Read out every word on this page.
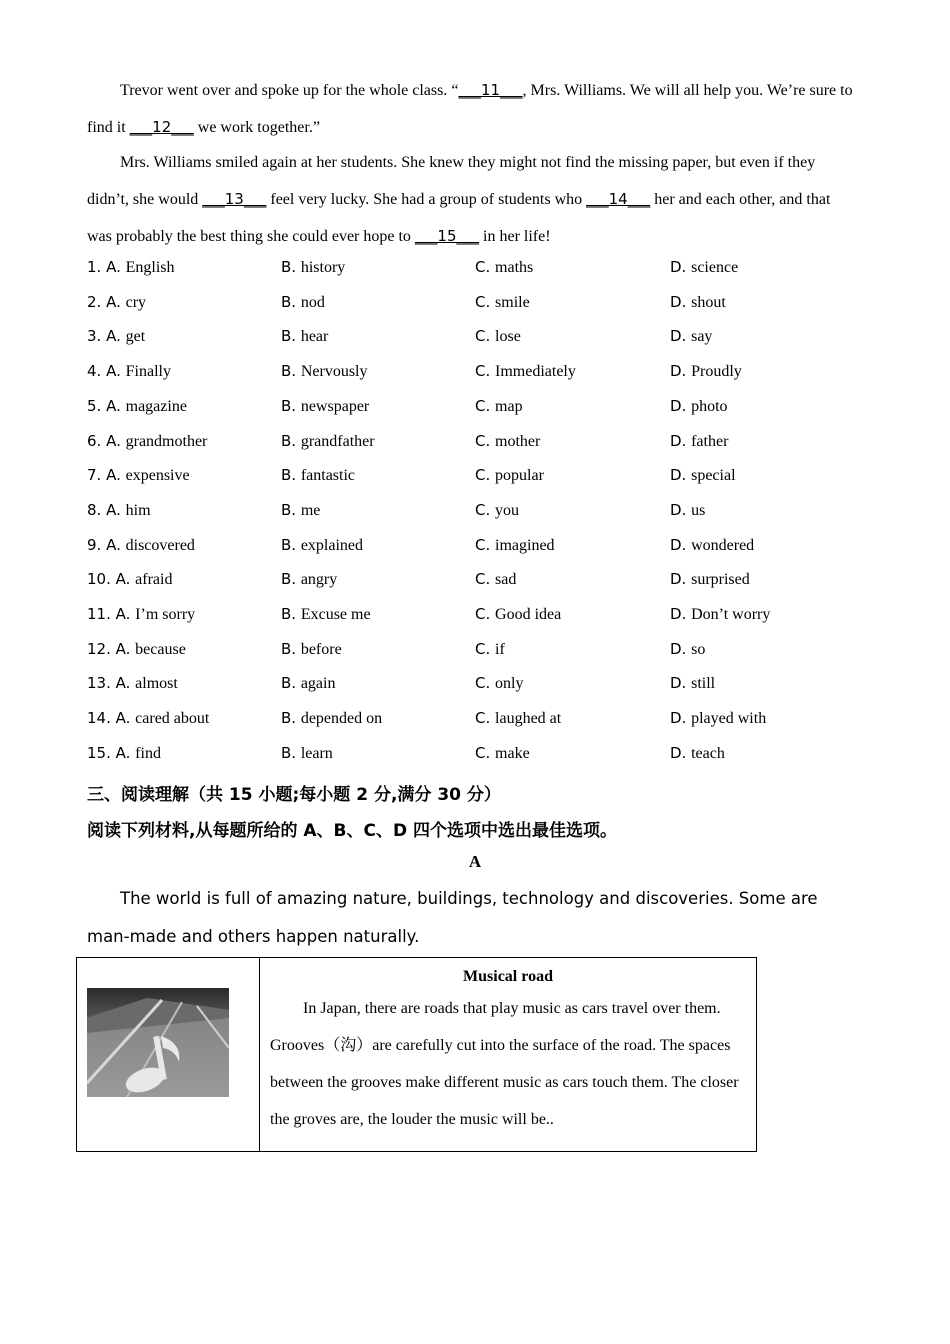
Trevor went over and spoke up for the whole class. “___11___, Mrs. Williams. We will all help you. We’re sure to find it ___12___ we work together.”
Mrs. Williams smiled again at her students. She knew they might not find the missing paper, but even if they didn’t, she would ___13___ feel very lucky. She had a group of students who ___14___ her and each other, and that was probably the best thing she could ever hope to ___15___ in her life!
1. A. English	B. history	C. maths	D. science
2. A. cry	B. nod	C. smile	D. shout
3. A. get	B. hear	C. lose	D. say
4. A. Finally	B. Nervously	C. Immediately	D. Proudly
5. A. magazine	B. newspaper	C. map	D. photo
6. A. grandmother	B. grandfather	C. mother	D. father
7. A. expensive	B. fantastic	C. popular	D. special
8. A. him	B. me	C. you	D. us
9. A. discovered	B. explained	C. imagined	D. wondered
10. A. afraid	B. angry	C. sad	D. surprised
11. A. I’m sorry	B. Excuse me	C. Good idea	D. Don’t worry
12. A. because	B. before	C. if	D. so
13. A. almost	B. again	C. only	D. still
14. A. cared about	B. depended on	C. laughed at	D. played with
15. A. find	B. learn	C. make	D. teach
三、阅读理解（共 15 小题;每小题 2 分,满分 30 分）
阅读下列材料,从每题所给的 A、B、C、D 四个选项中选出最佳选项。
A
The world is full of amazing nature, buildings, technology and discoveries. Some are man-made and others happen naturally.

Musical road

In Japan, there are roads that play music as cars travel over them. Grooves（沟）are carefully cut into the surface of the road. The spaces between the grooves make different music as cars touch them. The closer the groves are, the louder the music will be..
